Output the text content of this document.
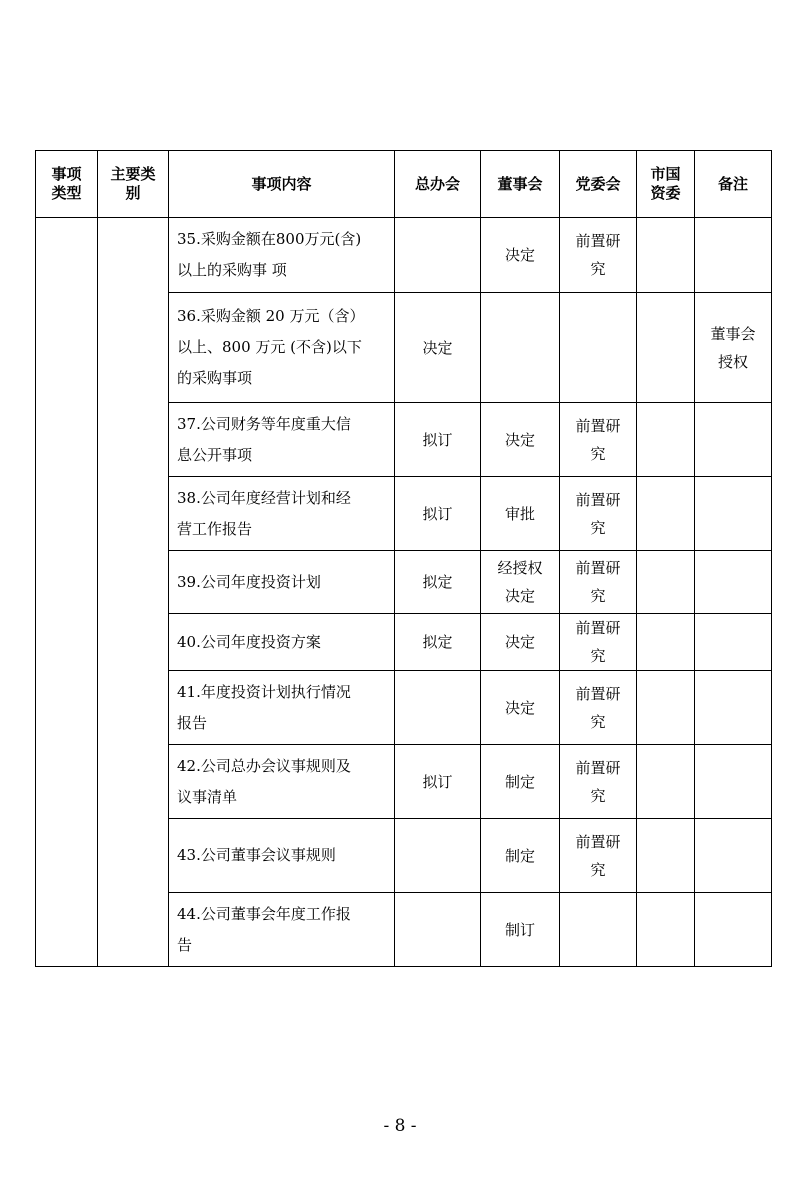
事项
类型	主要类
别	事项内容	总办会	董事会	党委会	市国
资委	备注
		35.采购金额在800万元(含)
以上的采购事 项		决定	前置研
究		
		36.采购金额 20 万元（含）
以上、800 万元 (不含)以下
的采购事项	决定				董事会
授权
		37.公司财务等年度重大信
息公开事项	拟订	决定	前置研
究		
		38.公司年度经营计划和经
营工作报告	拟订	审批	前置研
究		
		39.公司年度投资计划	拟定	经授权
决定	前置研
究		
		40.公司年度投资方案	拟定	决定	前置研
究		
		41.年度投资计划执行情况
报告		决定	前置研
究		
		42.公司总办会议事规则及
议事清单	拟订	制定	前置研
究		
		43.公司董事会议事规则		制定	前置研
究		
		44.公司董事会年度工作报
告		制订			
- 8 -
